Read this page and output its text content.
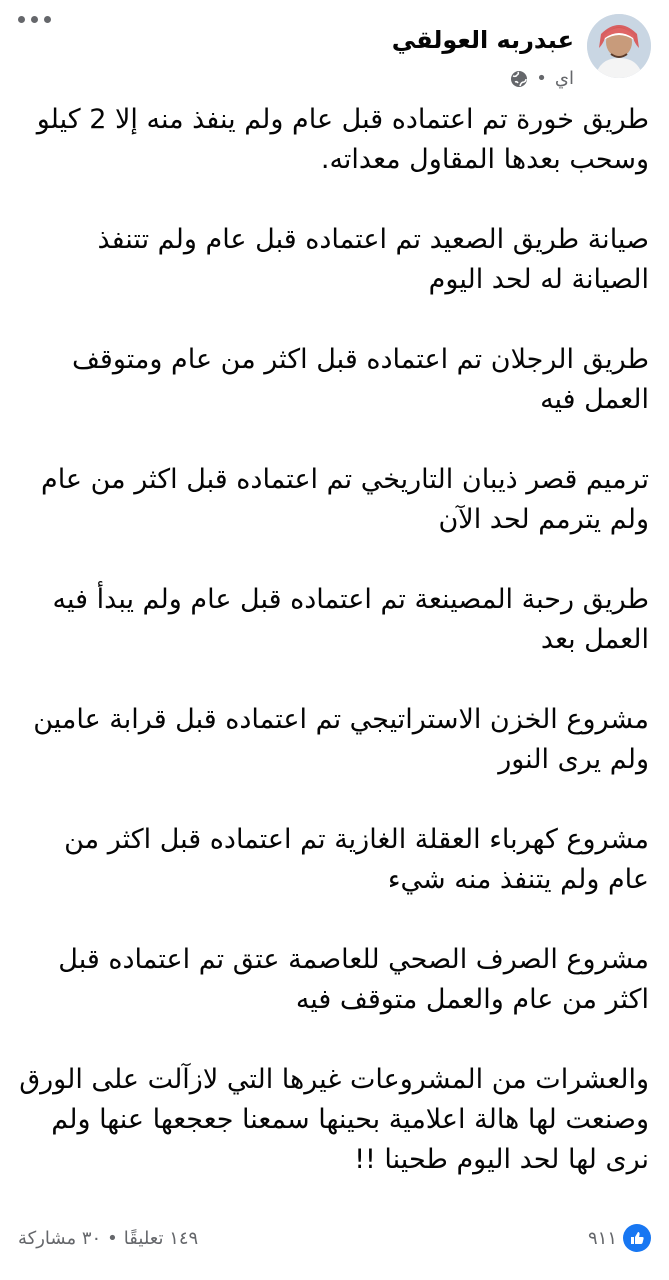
عبدربه العولقي
اي
•

طريق خورة تم اعتماده قبل عام ولم ينفذ منه إلا 2 كيلو وسحب بعدها المقاول معداته.

صيانة طريق الصعيد تم اعتماده قبل عام ولم تتنفذ الصيانة له لحد اليوم

طريق الرجلان تم اعتماده قبل اكثر من عام ومتوقف العمل فيه

ترميم قصر ذيبان التاريخي تم اعتماده قبل اكثر من عام ولم يترمم لحد الآن

طريق رحبة المصينعة تم اعتماده قبل عام ولم يبدأ فيه العمل بعد

مشروع الخزن الاستراتيجي تم اعتماده قبل قرابة عامين ولم يرى النور

مشروع كهرباء العقلة الغازية تم اعتماده قبل اكثر من عام ولم يتنفذ منه شيء

مشروع الصرف الصحي للعاصمة عتق تم اعتماده قبل اكثر من عام والعمل متوقف فيه

والعشرات من المشروعات غيرها التي لازآلت على الورق وصنعت لها هالة اعلامية بحينها سمعنا جعجعها عنها ولم نرى لها لحد اليوم طحينا !!

٩١١
١٤٩ تعليقًا
•
٣٠ مشاركة
